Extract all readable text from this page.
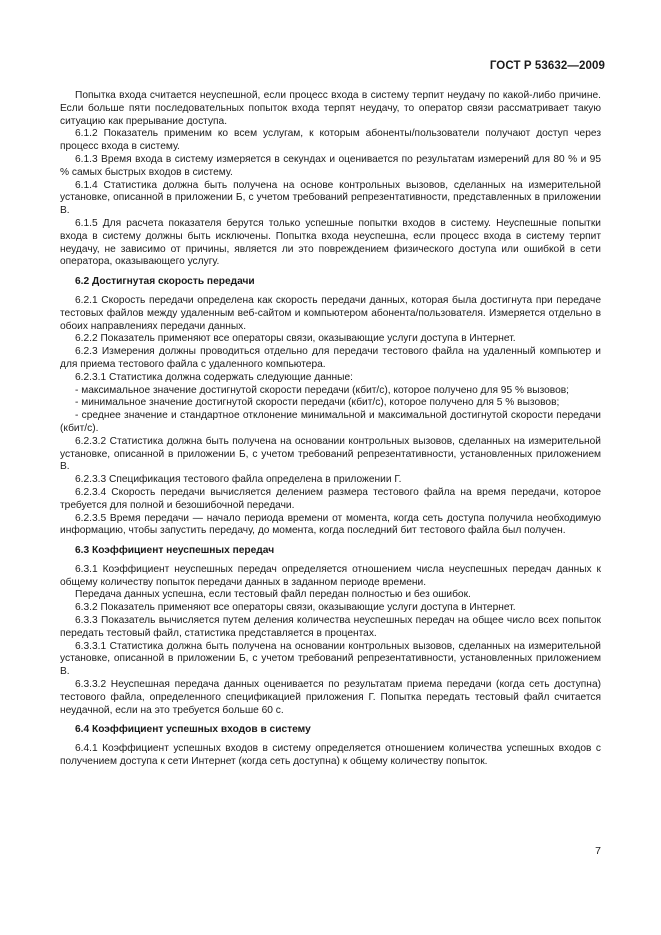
ГОСТ Р 53632—2009

Попытка входа считается неуспешной, если процесс входа в систему терпит неудачу по какой-либо причине. Если больше пяти последовательных попыток входа терпят неудачу, то оператор связи рассматривает такую ситуацию как прерывание доступа.

6.1.2 Показатель применим ко всем услугам, к которым абоненты/пользователи получают доступ через процесс входа в систему.

6.1.3 Время входа в систему измеряется в секундах и оценивается по результатам измерений для 80 % и 95 % самых быстрых входов в систему.

6.1.4 Статистика должна быть получена на основе контрольных вызовов, сделанных на измерительной установке, описанной в приложении Б, с учетом требований репрезентативности, представленных в приложении В.

6.1.5 Для расчета показателя берутся только успешные попытки входов в систему. Неуспешные попытки входа в систему должны быть исключены. Попытка входа неуспешна, если процесс входа в систему терпит неудачу, не зависимо от причины, является ли это повреждением физического доступа или ошибкой в сети оператора, оказывающего услугу.

6.2 Достигнутая скорость передачи

6.2.1 Скорость передачи определена как скорость передачи данных, которая была достигнута при передаче тестовых файлов между удаленным веб-сайтом и компьютером абонента/пользователя. Измеряется отдельно в обоих направлениях передачи данных.

6.2.2 Показатель применяют все операторы связи, оказывающие услуги доступа в Интернет.

6.2.3 Измерения должны проводиться отдельно для передачи тестового файла на удаленный компьютер и для приема тестового файла с удаленного компьютера.

6.2.3.1 Статистика должна содержать следующие данные:

- максимальное значение достигнутой скорости передачи (кбит/с), которое получено для 95 % вызовов;

- минимальное значение достигнутой скорости передачи (кбит/с), которое получено для 5 % вызовов;

- среднее значение и стандартное отклонение минимальной и максимальной достигнутой скорости передачи (кбит/с).

6.2.3.2 Статистика должна быть получена на основании контрольных вызовов, сделанных на измерительной установке, описанной в приложении Б, с учетом требований репрезентативности, установленных приложением В.

6.2.3.3 Спецификация тестового файла определена в приложении Г.

6.2.3.4 Скорость передачи вычисляется делением размера тестового файла на время передачи, которое требуется для полной и безошибочной передачи.

6.2.3.5 Время передачи — начало периода времени от момента, когда сеть доступа получила необходимую информацию, чтобы запустить передачу, до момента, когда последний бит тестового файла был получен.

6.3 Коэффициент неуспешных передач

6.3.1 Коэффициент неуспешных передач определяется отношением числа неуспешных передач данных к общему количеству попыток передачи данных в заданном периоде времени.

Передача данных успешна, если тестовый файл передан полностью и без ошибок.

6.3.2 Показатель применяют все операторы связи, оказывающие услуги доступа в Интернет.

6.3.3 Показатель вычисляется путем деления количества неуспешных передач на общее число всех попыток передать тестовый файл, статистика представляется в процентах.

6.3.3.1 Статистика должна быть получена на основании контрольных вызовов, сделанных на измерительной установке, описанной в приложении Б, с учетом требований репрезентативности, установленных приложением В.

6.3.3.2 Неуспешная передача данных оценивается по результатам приема передачи (когда сеть доступна) тестового файла, определенного спецификацией приложения Г. Попытка передать тестовый файл считается неудачной, если на это требуется больше 60 с.

6.4 Коэффициент успешных входов в систему

6.4.1 Коэффициент успешных входов в систему определяется отношением количества успешных входов с получением доступа к сети Интернет (когда сеть доступна) к общему количеству попыток.

7
